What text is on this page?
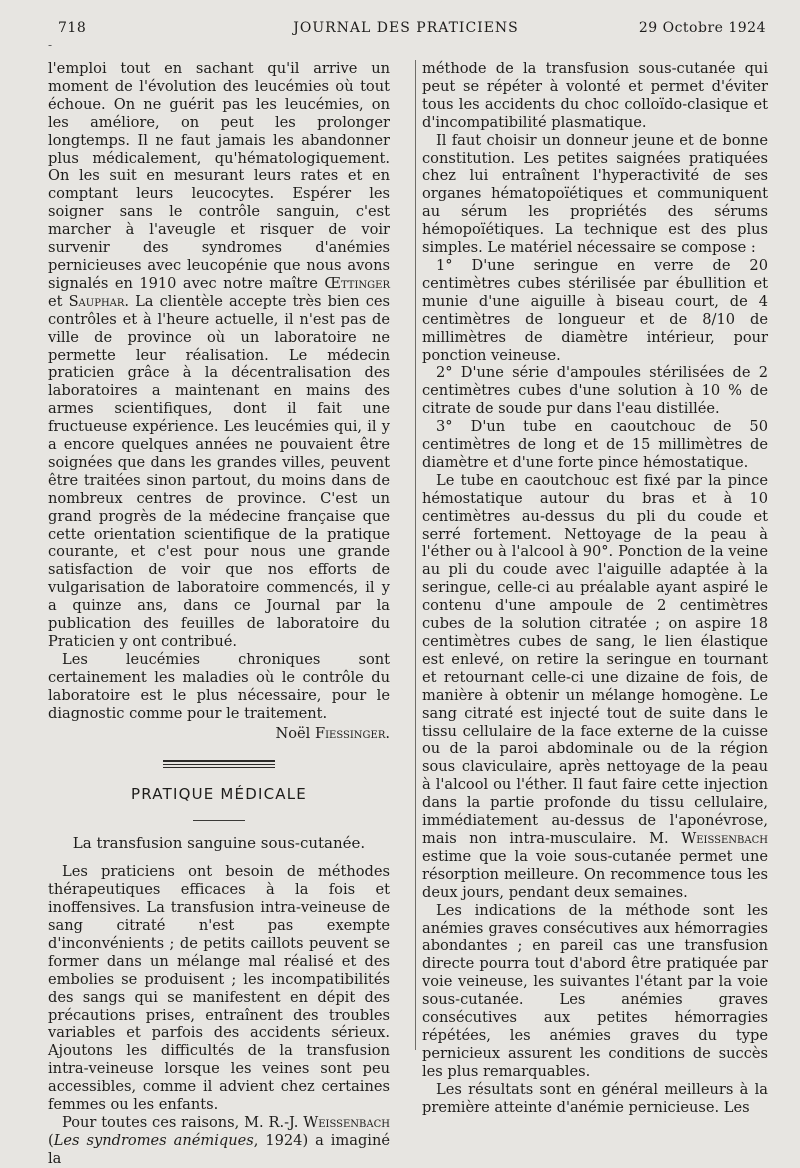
718	JOURNAL DES PRATICIENS	29 Octobre 1924
-

l'emploi tout en sachant qu'il arrive un moment de l'évolution des leucémies où tout échoue. On ne guérit pas les leucémies, on les améliore, on peut les prolonger longtemps. Il ne faut jamais les abandonner plus médicalement, qu'hématologiquement. On les suit en mesurant leurs rates et en comptant leurs leucocytes. Espérer les soigner sans le contrôle sanguin, c'est marcher à l'aveugle et risquer de voir survenir des syndromes d'anémies pernicieuses avec leucopénie que nous avons signalés en 1910 avec notre maître Œttinger et Sauphar. La clientèle accepte très bien ces contrôles et à l'heure actuelle, il n'est pas de ville de province où un laboratoire ne permette leur réalisation. Le médecin praticien grâce à la décentralisation des laboratoires a maintenant en mains des armes scientifiques, dont il fait une fructueuse expérience. Les leucémies qui, il y a encore quelques années ne pouvaient être soignées que dans les grandes villes, peuvent être traitées sinon partout, du moins dans de nombreux centres de province. C'est un grand progrès de la médecine française que cette orientation scientifique de la pratique courante, et c'est pour nous une grande satisfaction de voir que nos efforts de vulgarisation de laboratoire commencés, il y a quinze ans, dans ce Journal par la publication des feuilles de laboratoire du Praticien y ont contribué.

Les leucémies chroniques sont certainement les maladies où le contrôle du laboratoire est le plus nécessaire, pour le diagnostic comme pour le traitement.

Noël Fiessinger.

PRATIQUE MÉDICALE
La transfusion sanguine sous-cutanée.

Les praticiens ont besoin de méthodes thérapeutiques efficaces à la fois et inoffensives. La transfusion intra-veineuse de sang citraté n'est pas exempte d'inconvénients ; de petits caillots peuvent se former dans un mélange mal réalisé et des embolies se produisent ; les incompatibilités des sangs qui se manifestent en dépit des précautions prises, entraînent des troubles variables et parfois des accidents sérieux. Ajoutons les difficultés de la transfusion intra-veineuse lorsque les veines sont peu accessibles, comme il advient chez certaines femmes ou les enfants.

Pour toutes ces raisons, M. R.-J. Weissenbach (Les syndromes anémiques, 1924) a imaginé la

méthode de la transfusion sous-cutanée qui peut se répéter à volonté et permet d'éviter tous les accidents du choc colloïdo-clasique et d'incompatibilité plasmatique.

Il faut choisir un donneur jeune et de bonne constitution. Les petites saignées pratiquées chez lui entraînent l'hyperactivité de ses organes hématopoïétiques et communiquent au sérum les propriétés des sérums hémopoïétiques. La technique est des plus simples. Le matériel nécessaire se compose :

1° D'une seringue en verre de 20 centimètres cubes stérilisée par ébullition et munie d'une aiguille à biseau court, de 4 centimètres de longueur et de 8/10 de millimètres de diamètre intérieur, pour ponction veineuse.

2° D'une série d'ampoules stérilisées de 2 centimètres cubes d'une solution à 10 % de citrate de soude pur dans l'eau distillée.

3° D'un tube en caoutchouc de 50 centimètres de long et de 15 millimètres de diamètre et d'une forte pince hémostatique.

Le tube en caoutchouc est fixé par la pince hémostatique autour du bras et à 10 centimètres au-dessus du pli du coude et serré fortement. Nettoyage de la peau à l'éther ou à l'alcool à 90°. Ponction de la veine au pli du coude avec l'aiguille adaptée à la seringue, celle-ci au préalable ayant aspiré le contenu d'une ampoule de 2 centimètres cubes de la solution citratée ; on aspire 18 centimètres cubes de sang, le lien élastique est enlevé, on retire la seringue en tournant et retournant celle-ci une dizaine de fois, de manière à obtenir un mélange homogène. Le sang citraté est injecté tout de suite dans le tissu cellulaire de la face externe de la cuisse ou de la paroi abdominale ou de la région sous claviculaire, après nettoyage de la peau à l'alcool ou l'éther. Il faut faire cette injection dans la partie profonde du tissu cellulaire, immédiatement au-dessus de l'aponévrose, mais non intra-musculaire. M. Weissenbach estime que la voie sous-cutanée permet une résorption meilleure. On recommence tous les deux jours, pendant deux semaines.

Les indications de la méthode sont les anémies graves consécutives aux hémorragies abondantes ; en pareil cas une transfusion directe pourra tout d'abord être pratiquée par voie veineuse, les suivantes l'étant par la voie sous-cutanée. Les anémies graves consécutives aux petites hémorragies répétées, les anémies graves du type pernicieux assurent les conditions de succès les plus remarquables.

Les résultats sont en général meilleurs à la première atteinte d'anémie pernicieuse. Les
